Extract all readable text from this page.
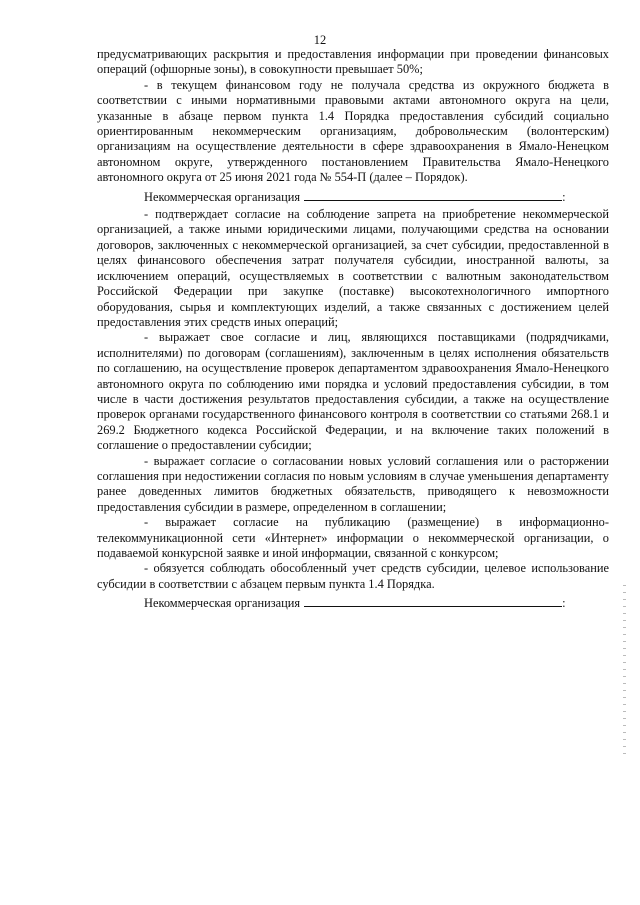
12

предусматривающих раскрытия и предоставления информации при проведении финансовых операций (офшорные зоны), в совокупности превышает 50%;

- в текущем финансовом году не получала средства из окружного бюджета в соответствии с иными нормативными правовыми актами автономного округа на цели, указанные в абзаце первом пункта 1.4 Порядка предоставления субсидий социально ориентированным некоммерческим организациям, добровольческим (волонтерским) организациям на осуществление деятельности в сфере здравоохранения в Ямало-Ненецком автономном округе, утвержденного постановлением Правительства Ямало-Ненецкого автономного округа от 25 июня 2021 года № 554-П (далее – Порядок).

Некоммерческая организация	:

- подтверждает согласие на соблюдение запрета на приобретение некоммерческой организацией, а также иными юридическими лицами, получающими средства на основании договоров, заключенных с некоммерческой организацией, за счет субсидии, предоставленной в целях финансового обеспечения затрат получателя субсидии, иностранной валюты, за исключением операций, осуществляемых в соответствии с валютным законодательством Российской Федерации при закупке (поставке) высокотехнологичного импортного оборудования, сырья и комплектующих изделий, а также связанных с достижением целей предоставления этих средств иных операций;

- выражает свое согласие и лиц, являющихся поставщиками (подрядчиками, исполнителями) по договорам (соглашениям), заключенным в целях исполнения обязательств по соглашению, на осуществление проверок департаментом здравоохранения Ямало-Ненецкого автономного округа по соблюдению ими порядка и условий предоставления субсидии, в том числе в части достижения результатов предоставления субсидии, а также на осуществление проверок органами государственного финансового контроля в соответствии со статьями 268.1 и 269.2 Бюджетного кодекса Российской Федерации, и на включение таких положений в соглашение о предоставлении субсидии;

- выражает согласие о согласовании новых условий соглашения или о расторжении соглашения при недостижении согласия по новым условиям в случае уменьшения департаменту ранее доведенных лимитов бюджетных обязательств, приводящего к невозможности предоставления субсидии в размере, определенном в соглашении;

- выражает согласие на публикацию (размещение) в информационно-телекоммуникационной сети «Интернет» информации о некоммерческой организации, о подаваемой конкурсной заявке и иной информации, связанной с конкурсом;

- обязуется соблюдать обособленный учет средств субсидии, целевое использование субсидии в соответствии с абзацем первым пункта 1.4 Порядка.

Некоммерческая организация	:
